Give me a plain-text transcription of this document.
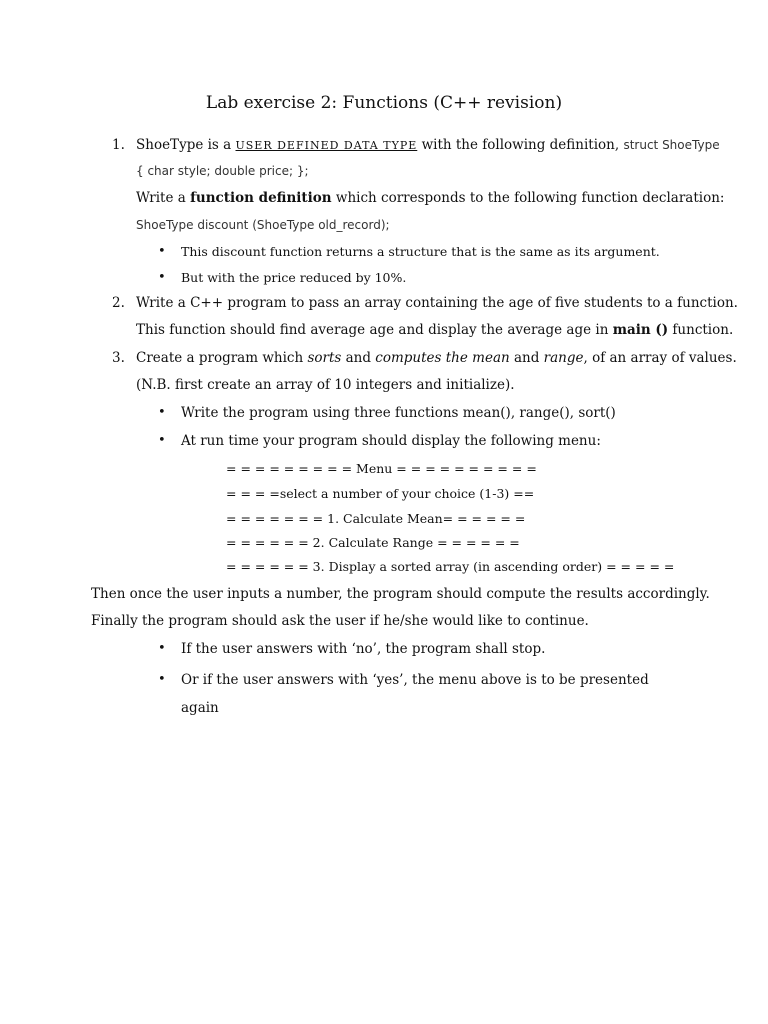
Lab exercise 2: Functions (C++ revision)
1. ShoeType is a USER DEFINED DATA TYPE with the following definition, struct ShoeType
{ char style; double price; };
Write a function definition which corresponds to the following function declaration:
ShoeType discount (ShoeType old_record);
• This discount function returns a structure that is the same as its argument.
• But with the price reduced by 10%.
2. Write a C++ program to pass an array containing the age of five students to a function.
This function should find average age and display the average age in main () function.
3. Create a program which sorts and computes the mean and range, of an array of values.
(N.B. first create an array of 10 integers and initialize).
• Write the program using three functions mean(), range(), sort()
• At run time your program should display the following menu:
= = = = = = = = = Menu = = = = = = = = = =
= = = =select a number of your choice (1-3) ==
= = = = = = = 1. Calculate Mean= = = = = =
= = = = = = 2. Calculate Range = = = = = =
= = = = = = 3. Display a sorted array (in ascending order) = = = = =
Then once the user inputs a number, the program should compute the results accordingly.
Finally the program should ask the user if he/she would like to continue.
• If the user answers with ‘no’, the program shall stop.
• Or if the user answers with ‘yes’, the menu above is to be presented
again
